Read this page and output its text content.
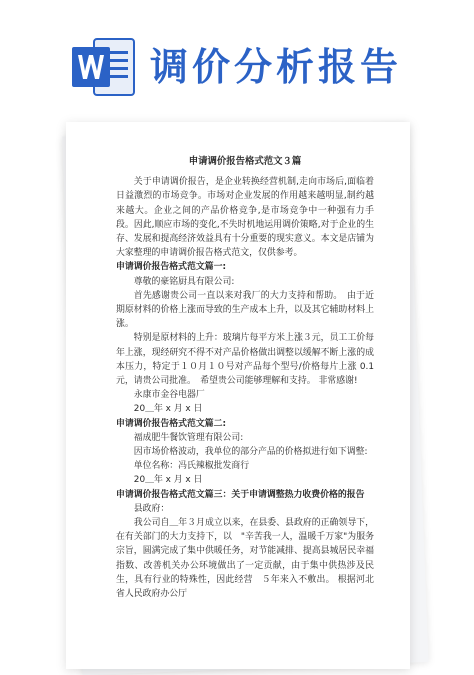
调价分析报告
申请调价报告格式范文３篇

关于申请调价报告，是企业转换经营机制,走向市场后,面临着日益激烈的市场竞争。市场对企业发展的作用越来越明显,制约越来越大。企业之间的产品价格竞争,是市场竞争中一种强有力手段。因此,顺应市场的变化,不失时机地运用调价策略,对于企业的生存、发展和提高经济效益具有十分重要的现实意义。本文是店铺为大家整理的申请调价报告格式范文，仅供参考。

申请调价报告格式范文篇一:

尊敬的豪铭厨具有限公司:

首先感谢贵公司一直以来对我厂的大力支持和帮助。　由于近期原材料的价格上涨而导致的生产成本上升，以及其它辅助材料上涨。

特别是原材料的上升：玻璃片每平方米上涨３元，员工工价每年上涨，现经研究不得不对产品价格做出调整以缓解不断上涨的成本压力，特定于１０月１０号对产品每个型号/价格每片上涨 0.1 元，请贵公司批准。　希望贵公司能够理解和支持。 非常感谢!

永康市金谷电器厂

20＿年 x 月 x 日

申请调价报告格式范文篇二:

福成肥牛餐饮管理有限公司:

因市场价格波动，我单位的部分产品的价格拟进行如下调整:

单位名称：冯氏辣椒批发商行

20＿年 x 月 x 日

申请调价报告格式范文篇三：关于申请调整热力收费价格的报告

县政府：

我公司自＿年３月成立以来，在县委、县政府的正确领导下，在有关部门的大力支持下，以　"辛苦我一人，温暖千万家"为服务宗旨，圆满完成了集中供暖任务，对节能减排、提高县城居民幸福指数、改善机关办公环境做出了一定贡献，由于集中供热涉及民生，具有行业的特殊性，因此经营　５年来入不敷出。 根据河北省人民政府办公厅
